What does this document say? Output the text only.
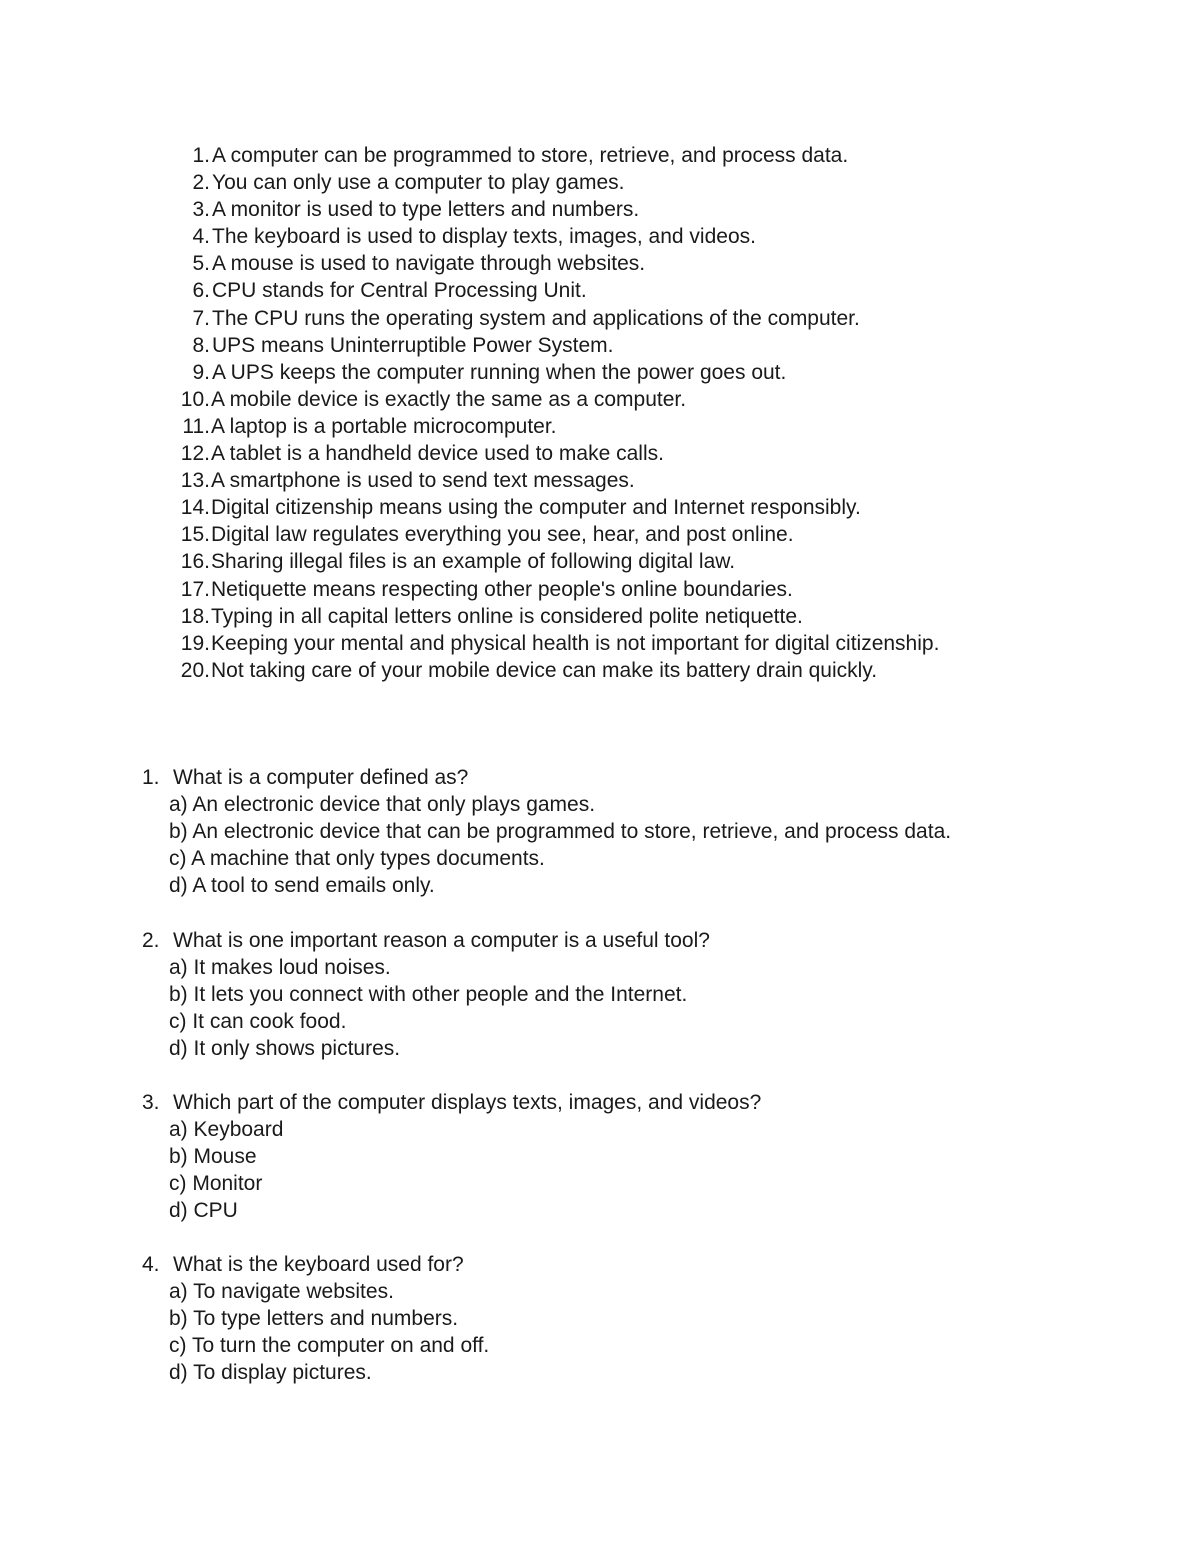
1. A computer can be programmed to store, retrieve, and process data.
2. You can only use a computer to play games.
3. A monitor is used to type letters and numbers.
4. The keyboard is used to display texts, images, and videos.
5. A mouse is used to navigate through websites.
6. CPU stands for Central Processing Unit.
7. The CPU runs the operating system and applications of the computer.
8. UPS means Uninterruptible Power System.
9. A UPS keeps the computer running when the power goes out.
10. A mobile device is exactly the same as a computer.
11. A laptop is a portable microcomputer.
12. A tablet is a handheld device used to make calls.
13. A smartphone is used to send text messages.
14. Digital citizenship means using the computer and Internet responsibly.
15. Digital law regulates everything you see, hear, and post online.
16. Sharing illegal files is an example of following digital law.
17. Netiquette means respecting other people's online boundaries.
18. Typing in all capital letters online is considered polite netiquette.
19. Keeping your mental and physical health is not important for digital citizenship.
20. Not taking care of your mobile device can make its battery drain quickly.
1. What is a computer defined as?
a) An electronic device that only plays games.
b) An electronic device that can be programmed to store, retrieve, and process data.
c) A machine that only types documents.
d) A tool to send emails only.
2. What is one important reason a computer is a useful tool?
a) It makes loud noises.
b) It lets you connect with other people and the Internet.
c) It can cook food.
d) It only shows pictures.
3. Which part of the computer displays texts, images, and videos?
a) Keyboard
b) Mouse
c) Monitor
d) CPU
4. What is the keyboard used for?
a) To navigate websites.
b) To type letters and numbers.
c) To turn the computer on and off.
d) To display pictures.
